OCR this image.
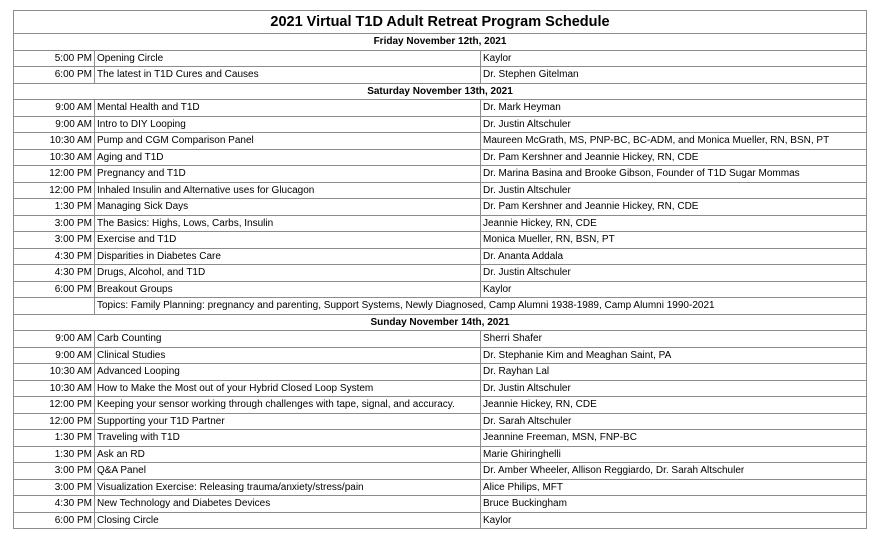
2021 Virtual T1D Adult Retreat Program Schedule		
Friday November 12th, 2021		
5:00 PM	Opening Circle	Kaylor
6:00 PM	The latest in T1D Cures and Causes	Dr. Stephen Gitelman
Saturday November 13th, 2021		
9:00 AM	Mental Health and T1D	Dr. Mark Heyman
9:00 AM	Intro to DIY Looping	Dr. Justin Altschuler
10:30 AM	Pump and CGM Comparison Panel	Maureen McGrath, MS, PNP-BC, BC-ADM, and Monica Mueller, RN, BSN, PT
10:30 AM	Aging and T1D	Dr. Pam Kershner and Jeannie Hickey, RN, CDE
12:00 PM	Pregnancy and T1D	Dr. Marina Basina and Brooke Gibson, Founder of T1D Sugar Mommas
12:00 PM	Inhaled Insulin and Alternative uses for Glucagon	Dr. Justin Altschuler
1:30 PM	Managing Sick Days	Dr. Pam Kershner and Jeannie Hickey, RN, CDE
3:00 PM	The Basics: Highs, Lows, Carbs, Insulin	Jeannie Hickey, RN, CDE
3:00 PM	Exercise and T1D	Monica Mueller, RN, BSN, PT
4:30 PM	Disparities in Diabetes Care	Dr. Ananta Addala
4:30 PM	Drugs, Alcohol, and T1D	Dr. Justin Altschuler
6:00 PM	Breakout Groups	Kaylor
	Topics: Family Planning: pregnancy and parenting, Support Systems, Newly Diagnosed, Camp Alumni 1938-1989, Camp Alumni 1990-2021	
Sunday November 14th, 2021		
9:00 AM	Carb Counting	Sherri Shafer
9:00 AM	Clinical Studies	Dr. Stephanie Kim and Meaghan Saint, PA
10:30 AM	Advanced Looping	Dr. Rayhan Lal
10:30 AM	How to Make the Most out of your Hybrid Closed Loop System	Dr. Justin Altschuler
12:00 PM	Keeping your sensor working through challenges with tape, signal, and accuracy.	Jeannie Hickey, RN, CDE
12:00 PM	Supporting your T1D Partner	Dr. Sarah Altschuler
1:30 PM	Traveling with T1D	Jeannine Freeman, MSN, FNP-BC
1:30 PM	Ask an RD	Marie Ghiringhelli
3:00 PM	Q&A Panel	Dr. Amber Wheeler, Allison Reggiardo, Dr. Sarah Altschuler
3:00 PM	Visualization Exercise: Releasing trauma/anxiety/stress/pain	Alice Philips, MFT
4:30 PM	New Technology and Diabetes Devices	Bruce Buckingham
6:00 PM	Closing Circle	Kaylor
